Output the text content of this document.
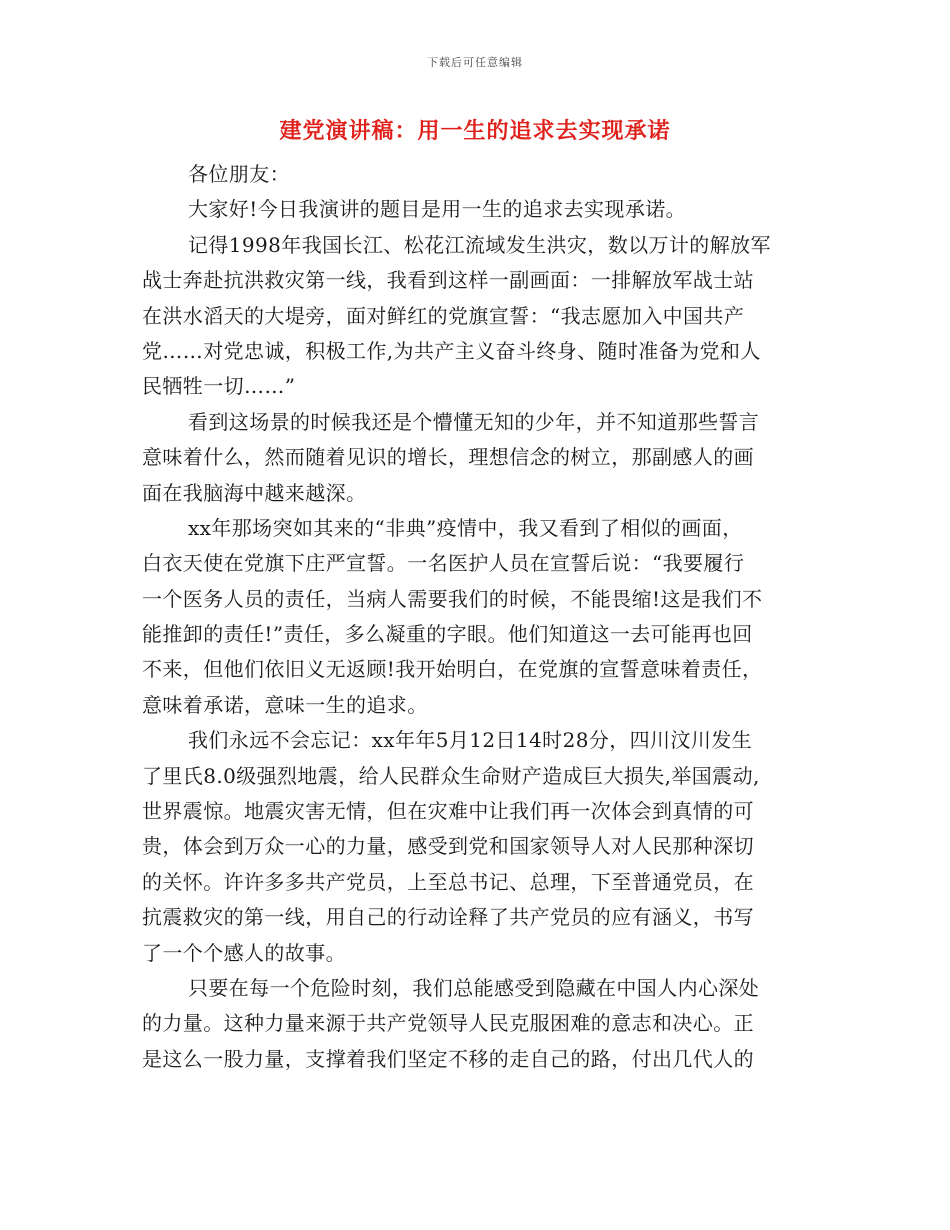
下载后可任意编辑
建党演讲稿：用一生的追求去实现承诺
各位朋友：
大家好!今日我演讲的题目是用一生的追求去实现承诺。
记得1998年我国长江、松花江流域发生洪灾，数以万计的解放军
战士奔赴抗洪救灾第一线，我看到这样一副画面：一排解放军战士站
在洪水滔天的大堤旁，面对鲜红的党旗宣誓：“我志愿加入中国共产
党……对党忠诚，积极工作,为共产主义奋斗终身、随时准备为党和人
民牺牲一切……”
看到这场景的时候我还是个懵懂无知的少年，并不知道那些誓言
意味着什么，然而随着见识的增长，理想信念的树立，那副感人的画
面在我脑海中越来越深。
xx年那场突如其来的“非典”疫情中，我又看到了相似的画面，
白衣天使在党旗下庄严宣誓。一名医护人员在宣誓后说：“我要履行
一个医务人员的责任，当病人需要我们的时候，不能畏缩!这是我们不
能推卸的责任!”责任，多么凝重的字眼。他们知道这一去可能再也回
不来，但他们依旧义无返顾!我开始明白，在党旗的宣誓意味着责任，
意味着承诺，意味一生的追求。
我们永远不会忘记：xx年年5月12日14时28分，四川汶川发生
了里氏8.0级强烈地震，给人民群众生命财产造成巨大损失,举国震动,
世界震惊。地震灾害无情，但在灾难中让我们再一次体会到真情的可
贵，体会到万众一心的力量，感受到党和国家领导人对人民那种深切
的关怀。许许多多共产党员，上至总书记、总理，下至普通党员，在
抗震救灾的第一线，用自己的行动诠释了共产党员的应有涵义，书写
了一个个感人的故事。
只要在每一个危险时刻，我们总能感受到隐藏在中国人内心深处
的力量。这种力量来源于共产党领导人民克服困难的意志和决心。正
是这么一股力量，支撑着我们坚定不移的走自己的路，付出几代人的
